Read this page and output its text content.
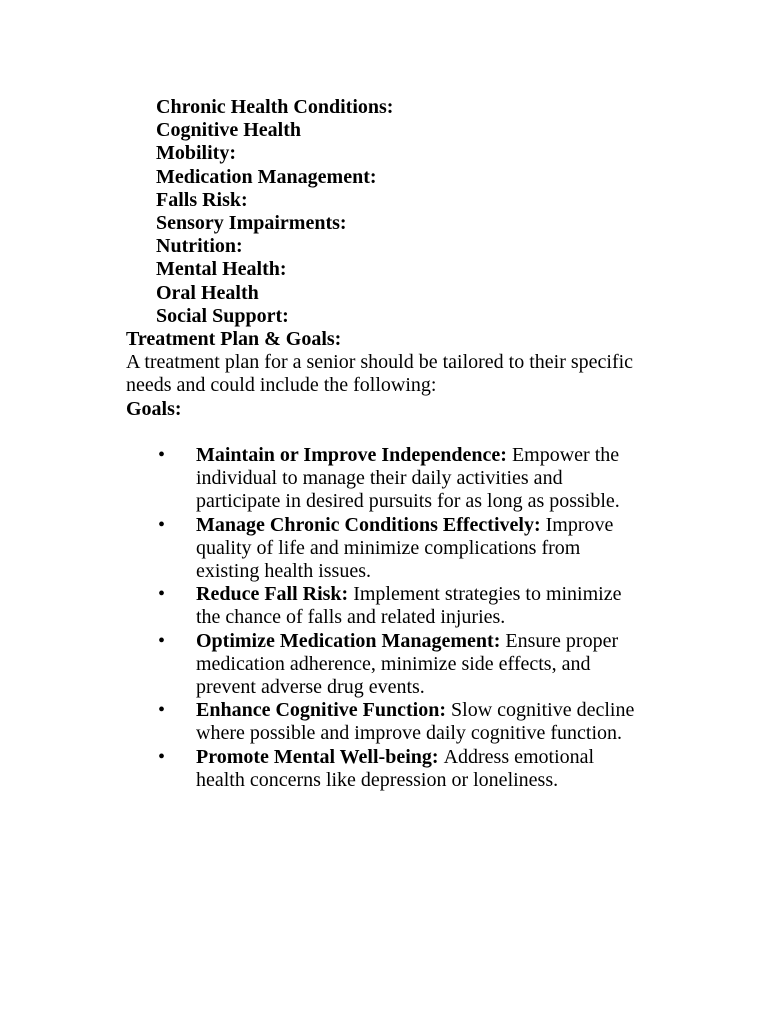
Chronic Health Conditions:
Cognitive Health
Mobility:
Medication Management:
Falls Risk:
Sensory Impairments:
Nutrition:
Mental Health:
Oral Health
Social Support:

Treatment Plan & Goals:

A treatment plan for a senior should be tailored to their specific needs and could include the following:

Goals:

• Maintain or Improve Independence: Empower the individual to manage their daily activities and participate in desired pursuits for as long as possible.
• Manage Chronic Conditions Effectively: Improve quality of life and minimize complications from existing health issues.
• Reduce Fall Risk: Implement strategies to minimize the chance of falls and related injuries.
• Optimize Medication Management: Ensure proper medication adherence, minimize side effects, and prevent adverse drug events.
• Enhance Cognitive Function: Slow cognitive decline where possible and improve daily cognitive function.
• Promote Mental Well-being: Address emotional health concerns like depression or loneliness.
